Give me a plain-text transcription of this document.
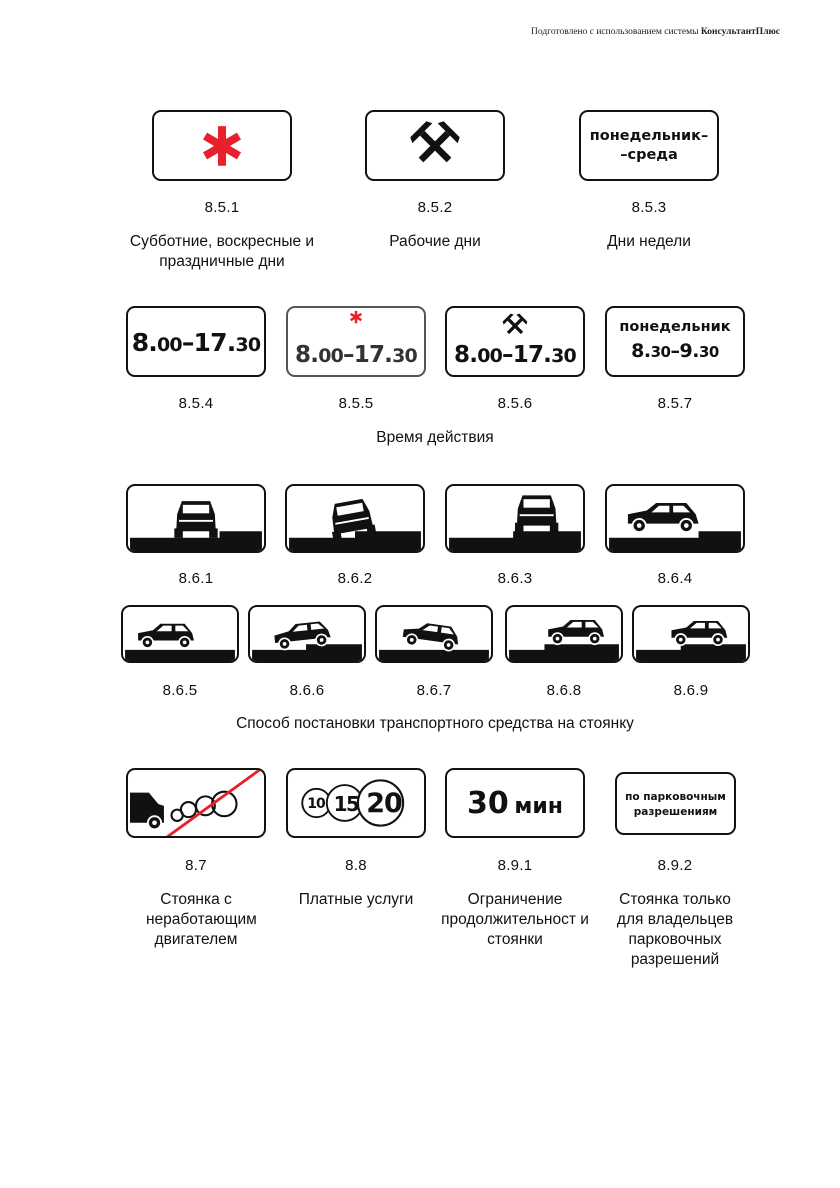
Подготовлено с использованием системы КонсультантПлюс
8.5.1
Субботние, воскресные и праздничные дни
8.5.2
Рабочие дни
понедельник–
–среда
8.5.3
Дни недели
8.00–17.30
8.5.4
8.00–17.30
8.5.5
8.00–17.30
8.5.6
понедельник
8.30–9.30
8.5.7
Время действия
8.6.1	8.6.2	8.6.3	8.6.4
8.6.5	8.6.6	8.6.7	8.6.8	8.6.9
Способ постановки транспортного средства на стоянку
8.7
Стоянка с неработающим двигателем
10 15 20
8.8
Платные услуги
30 мин
8.9.1
Ограничение продолжительност и стоянки
по парковочным
разрешениям
8.9.2
Стоянка только для владельцев парковочных разрешений
